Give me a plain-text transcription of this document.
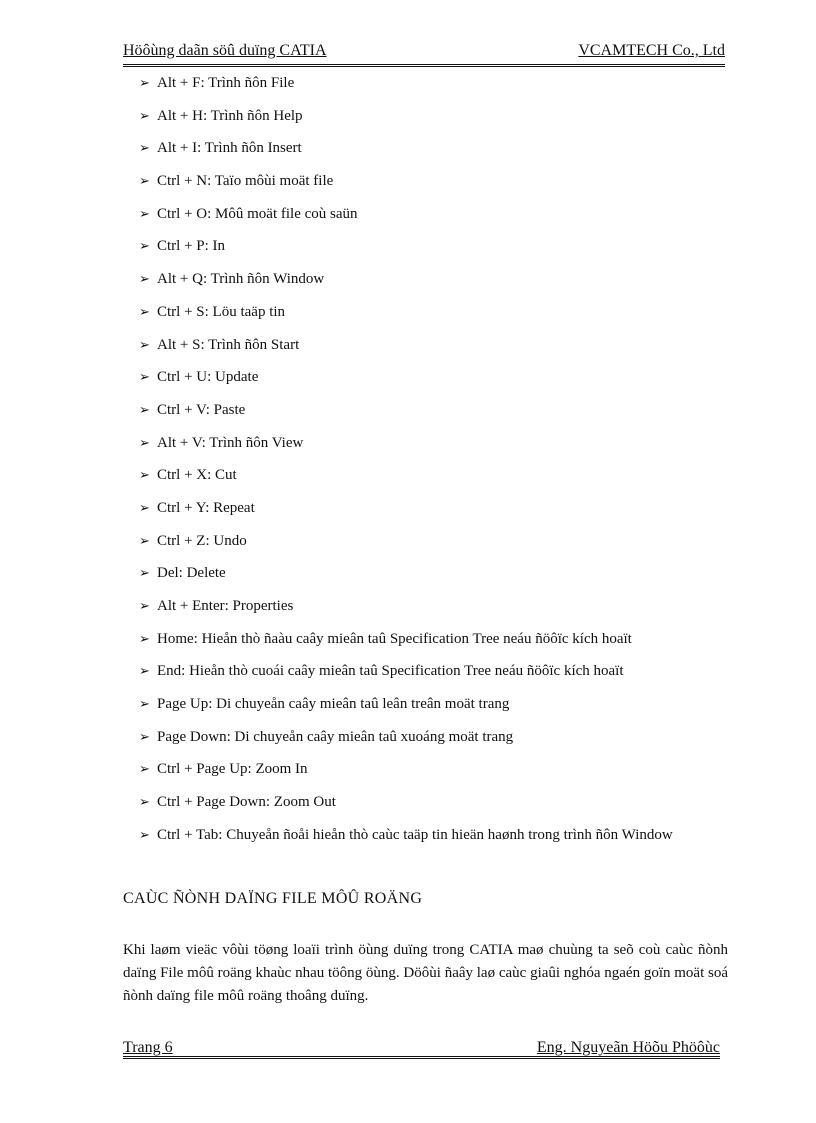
Höôùng daãn söû duïng CATIA	VCAMTECH Co., Ltd
➢ Alt + F: Trình ñôn File
➢ Alt + H: Trình ñôn Help
➢ Alt + I: Trình ñôn Insert
➢ Ctrl + N: Taïo môùi moät file
➢ Ctrl + O: Môû moät file coù saün
➢ Ctrl + P: In
➢ Alt + Q: Trình ñôn Window
➢ Ctrl + S: Löu taäp tin
➢ Alt + S: Trình ñôn Start
➢ Ctrl + U: Update
➢ Ctrl + V: Paste
➢ Alt + V: Trình ñôn View
➢ Ctrl + X: Cut
➢ Ctrl + Y: Repeat
➢ Ctrl + Z: Undo
➢ Del: Delete
➢ Alt + Enter: Properties
➢ Home: Hieån thò ñaàu caây mieân taû Specification Tree neáu ñöôïc kích hoaït
➢ End: Hieån thò cuoái caây mieân taû Specification Tree neáu ñöôïc kích hoaït
➢ Page Up: Di chuyeån caây mieân taû leân treân moät trang
➢ Page Down: Di chuyeån caây mieân taû xuoáng moät trang
➢ Ctrl + Page Up: Zoom In
➢ Ctrl + Page Down: Zoom Out
➢ Ctrl + Tab: Chuyeån ñoåi hieån thò caùc taäp tin hieän haønh trong trình ñôn Window
CAÙC ÑÒNH DAÏNG FILE MÔÛ ROÄNG

Khi laøm vieäc vôùi töøng loaïi trình öùng duïng trong CATIA maø chuùng ta seõ coù caùc ñònh daïng File môû roäng khaùc nhau töông öùng. Döôùi ñaây laø caùc giaûi nghóa ngaén goïn moät soá ñònh daïng file môû roäng thoâng duïng.

Trang 6	Eng. Nguyeãn Höõu Phöôùc
